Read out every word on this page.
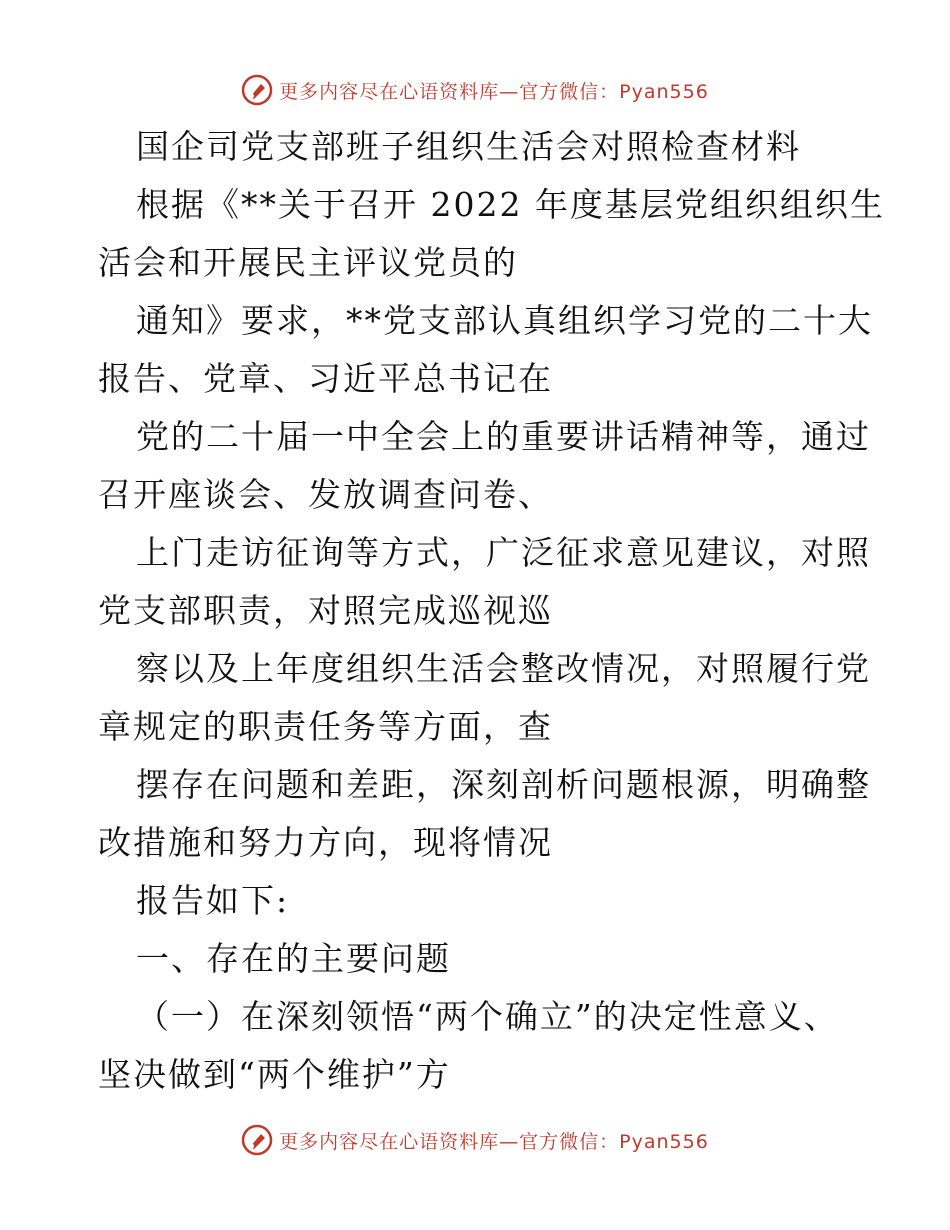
更多内容尽在心语资料库—官方微信：Pyan556

国企司党支部班子组织生活会对照检查材料

根据《**关于召开 2022 年度基层党组织组织生

活会和开展民主评议党员的

通知》要求，**党支部认真组织学习党的二十大

报告、党章、习近平总书记在

党的二十届一中全会上的重要讲话精神等，通过

召开座谈会、发放调查问卷、

上门走访征询等方式，广泛征求意见建议，对照

党支部职责，对照完成巡视巡

察以及上年度组织生活会整改情况，对照履行党

章规定的职责任务等方面，查

摆存在问题和差距，深刻剖析问题根源，明确整

改措施和努力方向，现将情况

报告如下:

一、存在的主要问题

（一）在深刻领悟“两个确立”的决定性意义、

坚决做到“两个维护”方

更多内容尽在心语资料库—官方微信：Pyan556
